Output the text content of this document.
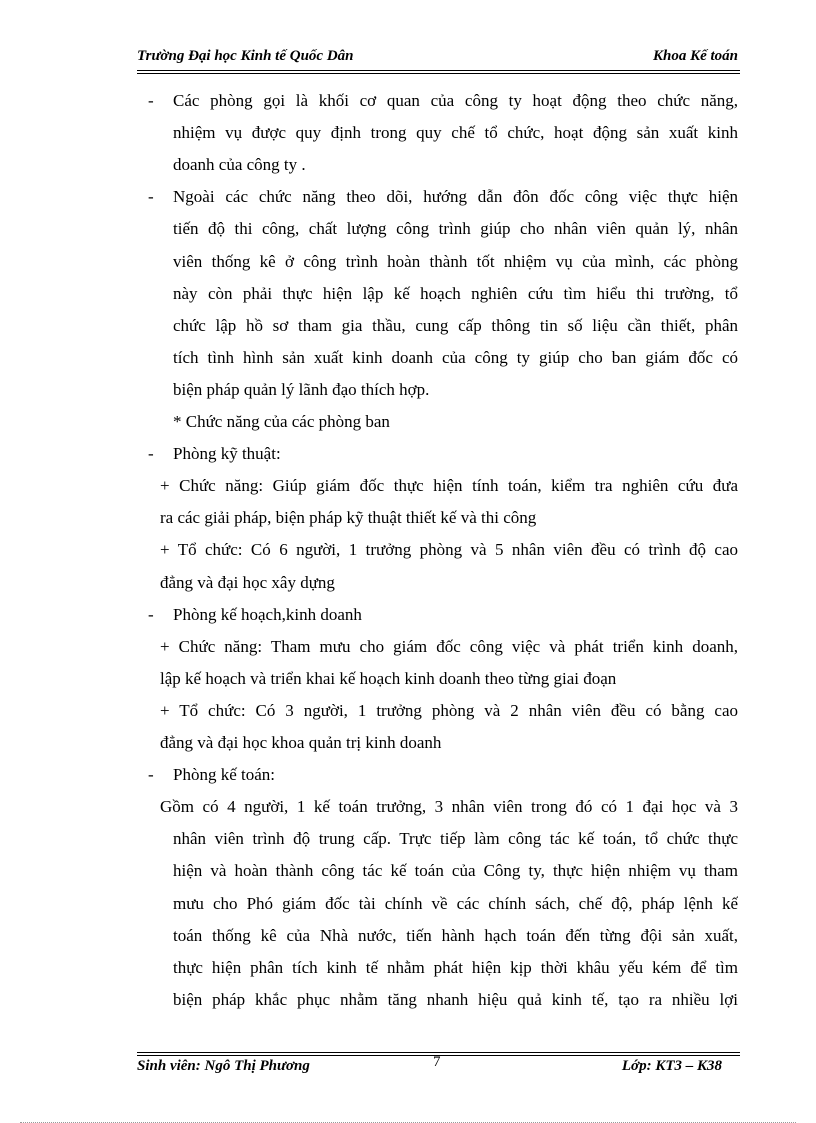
Trường Đại học Kinh tế Quốc Dân	Khoa Kế toán
- Các phòng gọi là khối cơ quan của công ty hoạt động theo chức năng,
nhiệm vụ được quy định trong quy chế tổ chức, hoạt động sản xuất kinh
doanh của công ty .
- Ngoài các chức năng theo dõi, hướng dẫn đôn đốc công việc thực hiện
tiến độ thi công, chất lượng công trình giúp cho nhân viên quản lý, nhân
viên thống kê ở công trình hoàn thành tốt nhiệm vụ của mình, các phòng
này còn phải thực hiện lập kế hoạch nghiên cứu tìm hiểu thi trường, tổ
chức lập hồ sơ tham gia thầu, cung cấp thông tin số liệu cần thiết, phân
tích tình hình sản xuất kinh doanh của công ty giúp cho ban giám đốc có
biện pháp quản lý lãnh đạo thích hợp.
* Chức năng của các phòng ban
- Phòng kỹ thuật:
+ Chức năng: Giúp giám đốc thực hiện tính toán, kiểm tra nghiên cứu đưa
ra các giải pháp, biện pháp kỹ thuật thiết kế và thi công
+ Tổ chức: Có 6 người, 1 trưởng phòng và 5 nhân viên đều có trình độ cao
đẳng và đại học xây dựng
- Phòng kế hoạch,kinh doanh
+ Chức năng: Tham mưu cho giám đốc công việc và phát triển kinh doanh,
lập kế hoạch và triển khai kế hoạch kinh doanh theo từng giai đoạn
+ Tổ chức: Có 3 người, 1 trưởng phòng và 2 nhân viên đều có bằng cao
đẳng và đại học khoa quản trị kinh doanh
- Phòng kế toán:
Gồm có 4 người, 1 kế toán trưởng, 3 nhân viên trong đó có 1 đại học và 3
nhân viên trình độ trung cấp. Trực tiếp làm công tác kế toán, tổ chức thực
hiện và hoàn thành công tác kế toán của Công ty, thực hiện nhiệm vụ tham
mưu cho Phó giám đốc tài chính về các chính sách, chế độ, pháp lệnh kế
toán thống kê của Nhà nước, tiến hành hạch toán đến từng đội sản xuất,
thực hiện phân tích kinh tế nhằm phát hiện kịp thời khâu yếu kém để tìm
biện pháp khắc phục nhằm tăng nhanh hiệu quả kinh tế, tạo ra nhiều lợi
Sinh viên: Ngô Thị Phương	7	Lớp: KT3 – K38
